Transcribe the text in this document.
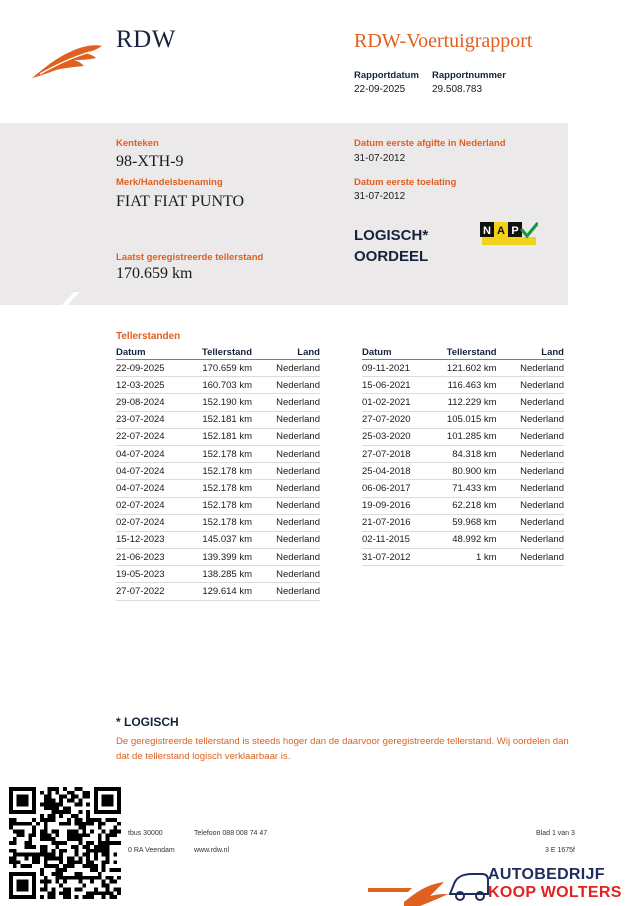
RDW	RDW-Voertuigrapport
Rapportdatum
22-09-2025
Rapportnummer
29.508.783
Kenteken
98-XTH-9
Merk/Handelsbenaming
FIAT FIAT PUNTO
Laatst geregistreerde tellerstand
170.659 km
Datum eerste afgifte in Nederland
31-07-2012
Datum eerste toelating
31-07-2012
LOGISCH*
OORDEEL
N A P
Tellerstanden
Datum	Tellerstand	Land
22-09-2025	170.659 km	Nederland
12-03-2025	160.703 km	Nederland
29-08-2024	152.190 km	Nederland
23-07-2024	152.181 km	Nederland
22-07-2024	152.181 km	Nederland
04-07-2024	152.178 km	Nederland
04-07-2024	152.178 km	Nederland
04-07-2024	152.178 km	Nederland
02-07-2024	152.178 km	Nederland
02-07-2024	152.178 km	Nederland
15-12-2023	145.037 km	Nederland
21-06-2023	139.399 km	Nederland
19-05-2023	138.285 km	Nederland
27-07-2022	129.614 km	Nederland
Datum	Tellerstand	Land
09-11-2021	121.602 km	Nederland
15-06-2021	116.463 km	Nederland
01-02-2021	112.229 km	Nederland
27-07-2020	105.015 km	Nederland
25-03-2020	101.285 km	Nederland
27-07-2018	84.318 km	Nederland
25-04-2018	80.900 km	Nederland
06-06-2017	71.433 km	Nederland
19-09-2016	62.218 km	Nederland
21-07-2016	59.968 km	Nederland
02-11-2015	48.992 km	Nederland
31-07-2012	1 km	Nederland
* LOGISCH
De geregistreerde tellerstand is steeds hoger dan de daarvoor geregistreerde tellerstand. Wij oordelen dan dat de tellerstand logisch verklaarbaar is.
tbus 30000
0 RA Veendam
Telefoon 088 008 74 47
www.rdw.nl
Blad 1 van 3
3 E 1675f
AUTOBEDRIJF
KOOP WOLTERS
